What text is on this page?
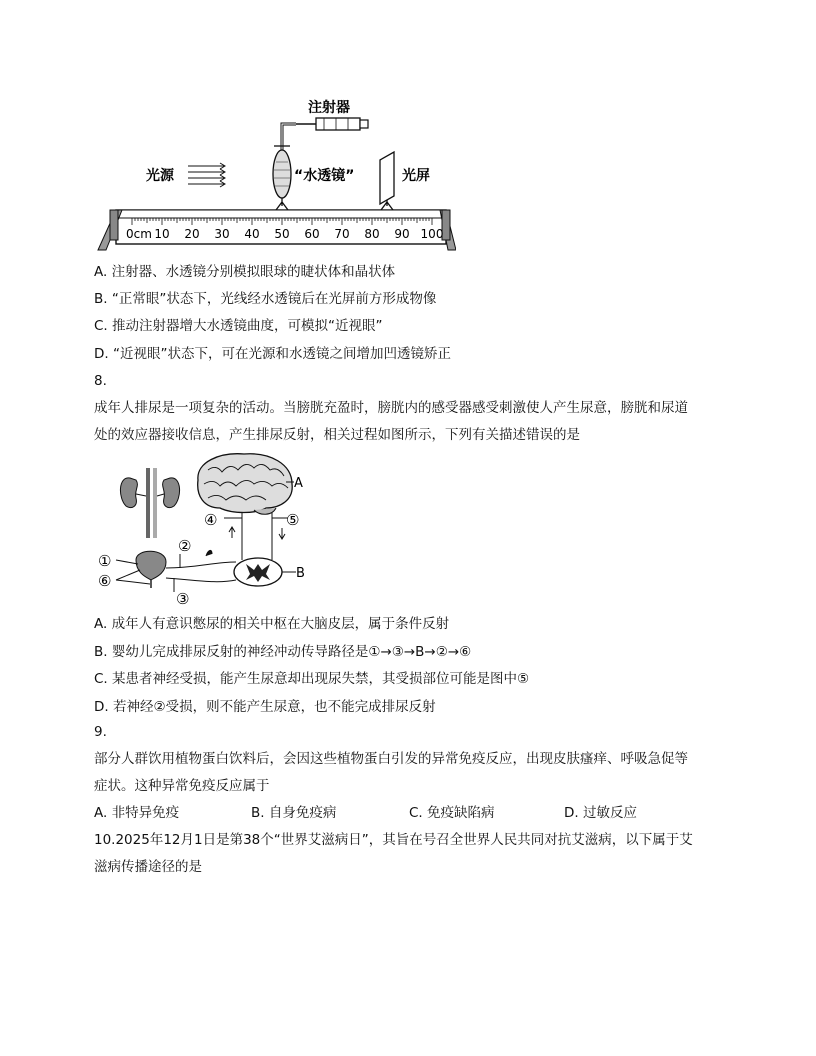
注射器
“水透镜”
光源	光屏
0cm 10 20 30 40 50 60 70 80 90 100
A. 注射器、水透镜分别模拟眼球的睫状体和晶状体
B. “正常眼”状态下，光线经水透镜后在光屏前方形成物像
C. 推动注射器增大水透镜曲度，可模拟“近视眼”
D. “近视眼”状态下，可在光源和水透镜之间增加凹透镜矫正
8.
成年人排尿是一项复杂的活动。当膀胱充盈时，膀胱内的感受器感受刺激使人产生尿意，膀胱和尿道
处的效应器接收信息，产生排尿反射，相关过程如图所示，下列有关描述错误的是
A
④	⑤
B
②
③
①
⑥
A. 成年人有意识憋尿的相关中枢在大脑皮层，属于条件反射
B. 婴幼儿完成排尿反射的神经冲动传导路径是①→③→B→②→⑥
C. 某患者神经受损，能产生尿意却出现尿失禁，其受损部位可能是图中⑤
D. 若神经②受损，则不能产生尿意，也不能完成排尿反射
9.
部分人群饮用植物蛋白饮料后，会因这些植物蛋白引发的异常免疫反应，出现皮肤瘙痒、呼吸急促等
症状。这种异常免疫反应属于
A. 非特异免疫	B. 自身免疫病	C. 免疫缺陷病	D. 过敏反应
10.2025年12月1日是第38个“世界艾滋病日”，其旨在号召全世界人民共同对抗艾滋病，以下属于艾
滋病传播途径的是
